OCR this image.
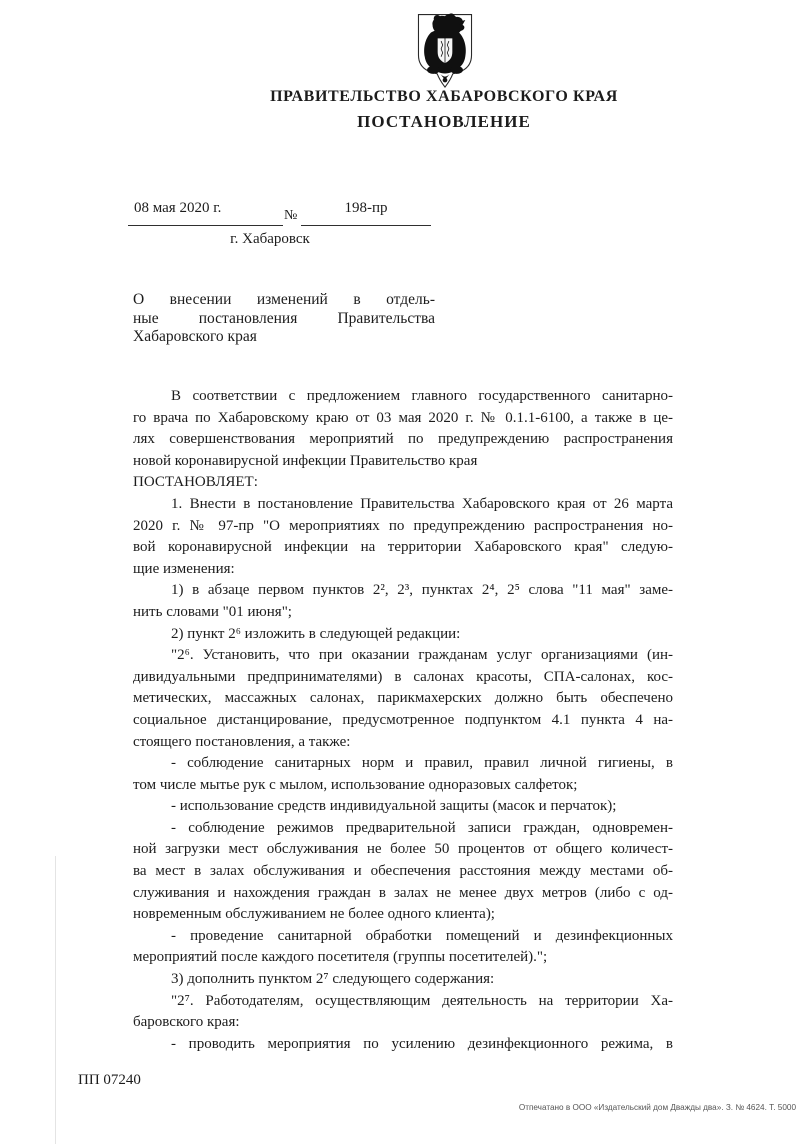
ПРАВИТЕЛЬСТВО ХАБАРОВСКОГО КРАЯ
ПОСТАНОВЛЕНИЕ
08 мая 2020 г.	№	198-пр
г. Хабаровск
О внесении изменений в отдель-
ные постановления Правительства
Хабаровского края
В соответствии с предложением главного государственного санитарно-
го врача по Хабаровскому краю от 03 мая 2020 г. № 0.1.1-6100, а также в це-
лях совершенствования мероприятий по предупреждению распространения
новой коронавирусной инфекции Правительство края
ПОСТАНОВЛЯЕТ:
1. Внести в постановление Правительства Хабаровского края от 26 марта
2020 г. № 97-пр "О мероприятиях по предупреждению распространения но-
вой коронавирусной инфекции на территории Хабаровского края" следую-
щие изменения:
1) в абзаце первом пунктов 2², 2³, пунктах 2⁴, 2⁵ слова "11 мая" заме-
нить словами "01 июня";
2) пункт 2⁶ изложить в следующей редакции:
"2⁶. Установить, что при оказании гражданам услуг организациями (ин-
дивидуальными предпринимателями) в салонах красоты, СПА-салонах, кос-
метических, массажных салонах, парикмахерских должно быть обеспечено
социальное дистанцирование, предусмотренное подпунктом 4.1 пункта 4 на-
стоящего постановления, а также:
- соблюдение санитарных норм и правил, правил личной гигиены, в
том числе мытье рук с мылом, использование одноразовых салфеток;
- использование средств индивидуальной защиты (масок и перчаток);
- соблюдение режимов предварительной записи граждан, одновремен-
ной загрузки мест обслуживания не более 50 процентов от общего количест-
ва мест в залах обслуживания и обеспечения расстояния между местами об-
служивания и нахождения граждан в залах не менее двух метров (либо с од-
новременным обслуживанием не более одного клиента);
- проведение санитарной обработки помещений и дезинфекционных
мероприятий после каждого посетителя (группы посетителей).";
3) дополнить пунктом 2⁷ следующего содержания:
"2⁷. Работодателям, осуществляющим деятельность на территории Ха-
баровского края:
- проводить мероприятия по усилению дезинфекционного режима, в
ПП 07240
Отпечатано в ООО «Издательский дом Дважды два». З. № 4624. Т. 5000
